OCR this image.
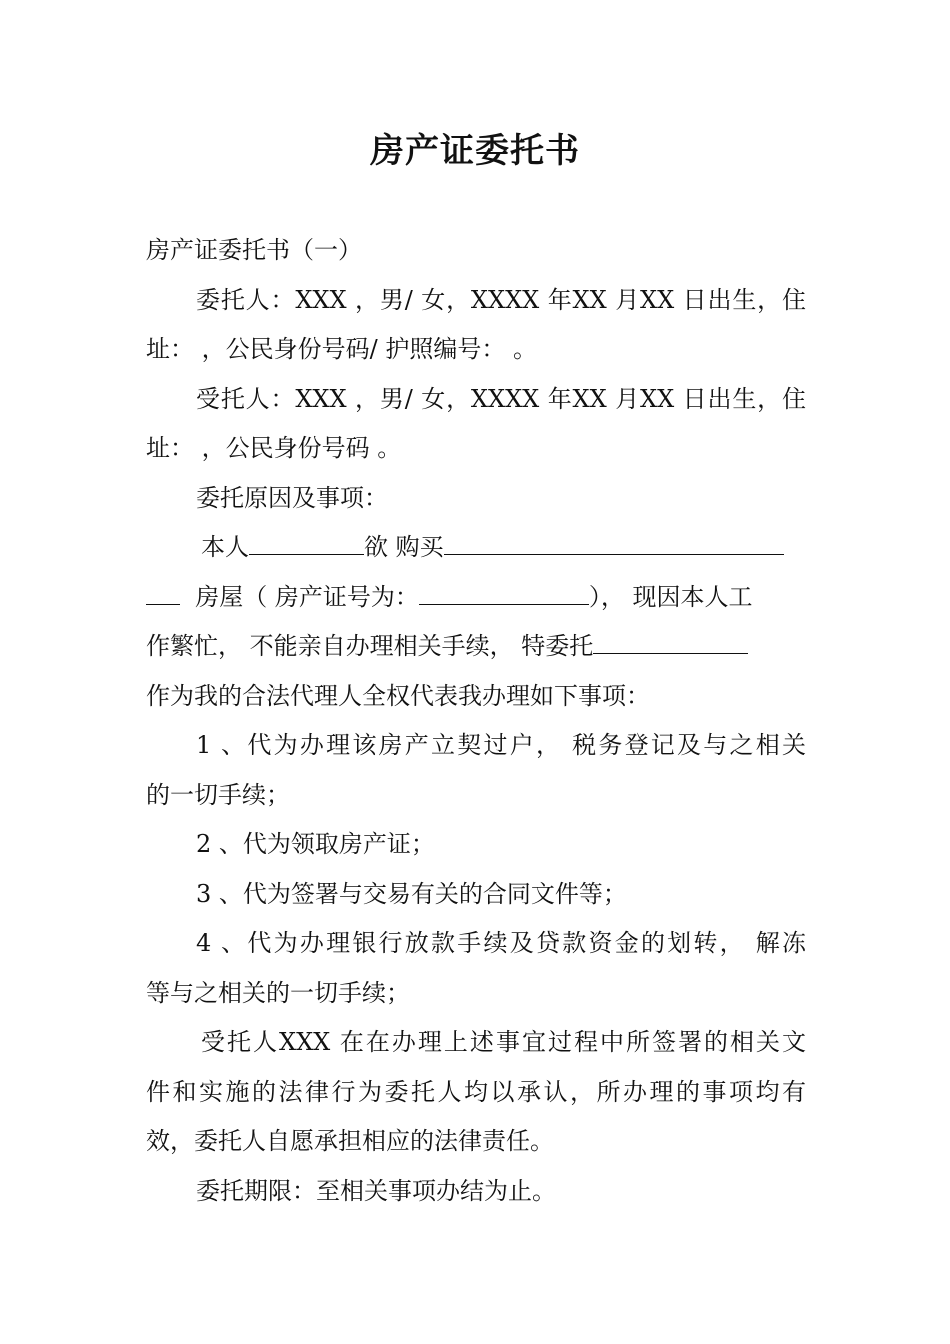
房产证委托书

房产证委托书（一）

委托人：XXX ，男/ 女，XXXX 年XX 月XX 日出生，住

址： ，公民身份号码/ 护照编号： 。

受托人：XXX ，男/ 女，XXXX 年XX 月XX 日出生，住

址： ，公民身份号码 。

委托原因及事项：

本人	欲 购买

房屋（ 房产证号为：	）， 现因本人工

作繁忙， 不能亲自办理相关手续， 特委托

作为我的合法代理人全权代表我办理如下事项：

1 、代为办理该房产立契过户， 税务登记及与之相关

的一切手续；

2 、代为领取房产证；

3 、代为签署与交易有关的合同文件等；

4 、代为办理银行放款手续及贷款资金的划转， 解冻

等与之相关的一切手续；

受托人XXX 在在办理上述事宜过程中所签署的相关文

件和实施的法律行为委托人均以承认，所办理的事项均有

效，委托人自愿承担相应的法律责任。

委托期限：至相关事项办结为止。
